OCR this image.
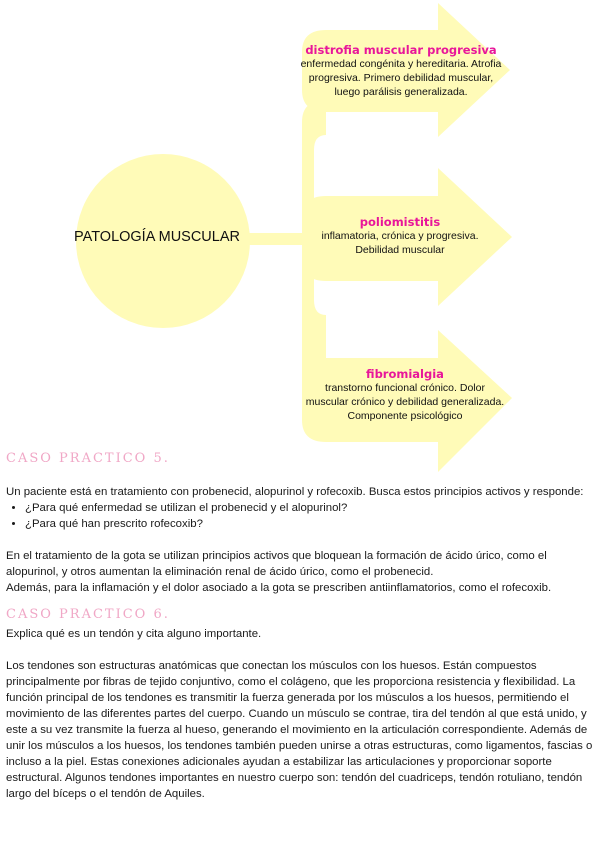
PATOLOGÍA MUSCULAR
distrofia muscular progresiva
enfermedad congénita y hereditaria. Atrofia progresiva. Primero debilidad muscular, luego parálisis generalizada.
poliomistitis
inflamatoria, crónica y progresiva. Debilidad muscular
fibromialgia
transtorno funcional crónico. Dolor muscular crónico y debilidad generalizada. Componente psicológico
CASO PRACTICO 5.

Un paciente está en tratamiento con probenecid, alopurinol y rofecoxib. Busca estos principios activos y responde:

• ¿Para qué enfermedad se utilizan el probenecid y el alopurinol?
• ¿Para qué han prescrito rofecoxib?

En el tratamiento de la gota se utilizan principios activos que bloquean la formación de ácido úrico, como el alopurinol, y otros aumentan la eliminación renal de ácido úrico, como el probenecid.

Además, para la inflamación y el dolor asociado a la gota se prescriben antiinflamatorios, como el rofecoxib.

CASO PRACTICO 6.

Explica qué es un tendón y cita alguno importante.

Los tendones son estructuras anatómicas que conectan los músculos con los huesos. Están compuestos principalmente por fibras de tejido conjuntivo, como el colágeno, que les proporciona resistencia y flexibilidad. La función principal de los tendones es transmitir la fuerza generada por los músculos a los huesos, permitiendo el movimiento de las diferentes partes del cuerpo. Cuando un músculo se contrae, tira del tendón al que está unido, y este a su vez transmite la fuerza al hueso, generando el movimiento en la articulación correspondiente. Además de unir los músculos a los huesos, los tendones también pueden unirse a otras estructuras, como ligamentos, fascias o incluso a la piel. Estas conexiones adicionales ayudan a estabilizar las articulaciones y proporcionar soporte estructural. Algunos tendones importantes en nuestro cuerpo son: tendón del cuadriceps, tendón rotuliano, tendón largo del bíceps o el tendón de Aquiles.
